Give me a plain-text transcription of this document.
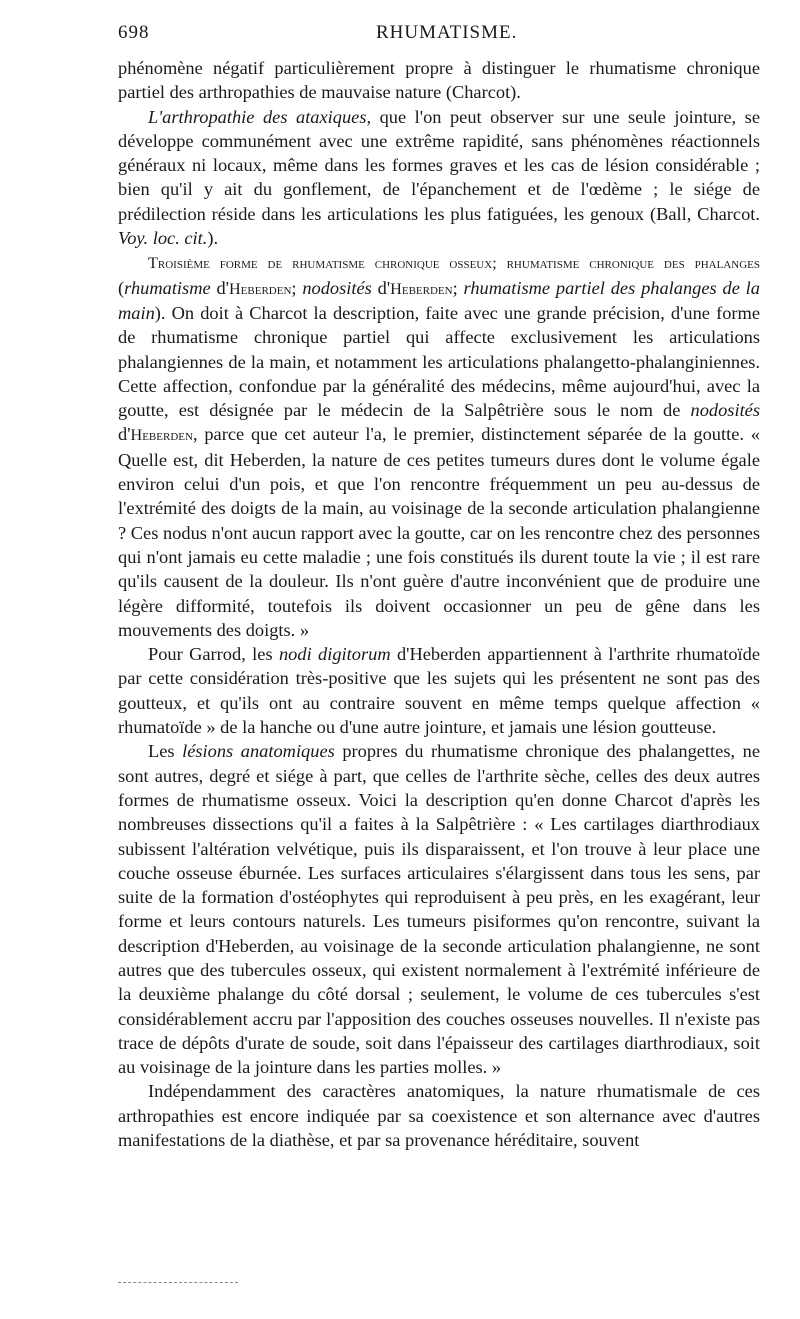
698	RHUMATISME.

phénomène négatif particulièrement propre à distinguer le rhumatisme chronique partiel des arthropathies de mauvaise nature (Charcot).

L'arthropathie des ataxiques, que l'on peut observer sur une seule jointure, se développe communément avec une extrême rapidité, sans phénomènes réactionnels généraux ni locaux, même dans les formes graves et les cas de lésion considérable ; bien qu'il y ait du gonflement, de l'épanchement et de l'œdème ; le siége de prédilection réside dans les articulations les plus fatiguées, les genoux (Ball, Charcot. Voy. loc. cit.).

Troisième forme de rhumatisme chronique osseux; rhumatisme chronique des phalanges (rhumatisme d'Heberden; nodosités d'Heberden; rhumatisme partiel des phalanges de la main). On doit à Charcot la description, faite avec une grande précision, d'une forme de rhumatisme chronique partiel qui affecte exclusivement les articulations phalangiennes de la main, et notamment les articulations phalangetto-phalanginiennes. Cette affection, confondue par la généralité des médecins, même aujourd'hui, avec la goutte, est désignée par le médecin de la Salpêtrière sous le nom de nodosités d'Heberden, parce que cet auteur l'a, le premier, distinctement séparée de la goutte. « Quelle est, dit Heberden, la nature de ces petites tumeurs dures dont le volume égale environ celui d'un pois, et que l'on rencontre fréquemment un peu au-dessus de l'extrémité des doigts de la main, au voisinage de la seconde articulation phalangienne ? Ces nodus n'ont aucun rapport avec la goutte, car on les rencontre chez des personnes qui n'ont jamais eu cette maladie ; une fois constitués ils durent toute la vie ; il est rare qu'ils causent de la douleur. Ils n'ont guère d'autre inconvénient que de produire une légère difformité, toutefois ils doivent occasionner un peu de gêne dans les mouvements des doigts. »

Pour Garrod, les nodi digitorum d'Heberden appartiennent à l'arthrite rhumatoïde par cette considération très-positive que les sujets qui les présentent ne sont pas des goutteux, et qu'ils ont au contraire souvent en même temps quelque affection « rhumatoïde » de la hanche ou d'une autre jointure, et jamais une lésion goutteuse.

Les lésions anatomiques propres du rhumatisme chronique des phalangettes, ne sont autres, degré et siége à part, que celles de l'arthrite sèche, celles des deux autres formes de rhumatisme osseux. Voici la description qu'en donne Charcot d'après les nombreuses dissections qu'il a faites à la Salpêtrière : « Les cartilages diarthrodiaux subissent l'altération velvétique, puis ils disparaissent, et l'on trouve à leur place une couche osseuse éburnée. Les surfaces articulaires s'élargissent dans tous les sens, par suite de la formation d'ostéophytes qui reproduisent à peu près, en les exagérant, leur forme et leurs contours naturels. Les tumeurs pisiformes qu'on rencontre, suivant la description d'Heberden, au voisinage de la seconde articulation phalangienne, ne sont autres que des tubercules osseux, qui existent normalement à l'extrémité inférieure de la deuxième phalange du côté dorsal ; seulement, le volume de ces tubercules s'est considérablement accru par l'apposition des couches osseuses nouvelles. Il n'existe pas trace de dépôts d'urate de soude, soit dans l'épaisseur des cartilages diarthrodiaux, soit au voisinage de la jointure dans les parties molles. »

Indépendamment des caractères anatomiques, la nature rhumatismale de ces arthropathies est encore indiquée par sa coexistence et son alternance avec d'autres manifestations de la diathèse, et par sa provenance héréditaire, souvent
